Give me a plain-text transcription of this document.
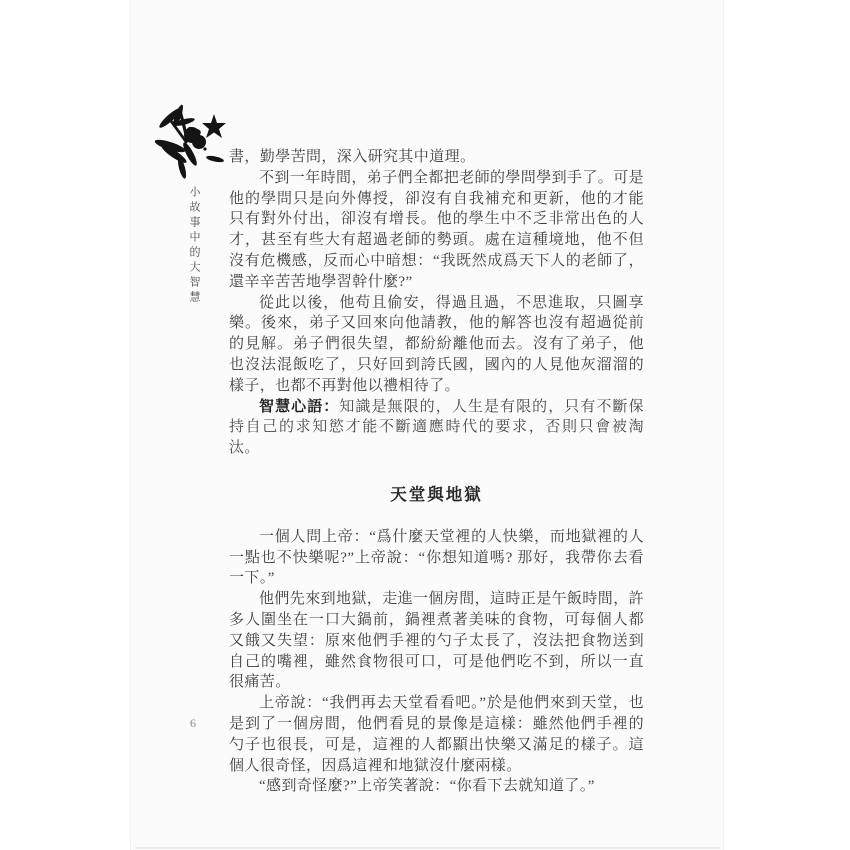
小故事中的大智慧

書，勤學苦問，深入研究其中道理。

不到一年時間，弟子們全都把老師的學問學到手了。可是他的學問只是向外傳授，卻沒有自我補充和更新，他的才能只有對外付出，卻沒有增長。他的學生中不乏非常出色的人才，甚至有些大有超過老師的勢頭。處在這種境地，他不但沒有危機感，反而心中暗想：“我既然成爲天下人的老師了，還辛辛苦苦地學習幹什麼?”

從此以後，他苟且偷安，得過且過，不思進取，只圖享樂。後來，弟子又回來向他請教，他的解答也沒有超過從前的見解。弟子們很失望，都紛紛離他而去。沒有了弟子，他也沒法混飯吃了，只好回到誇氏國，國內的人見他灰溜溜的樣子，也都不再對他以禮相待了。

智慧心語：知識是無限的，人生是有限的，只有不斷保持自己的求知慾才能不斷適應時代的要求，否則只會被淘汰。

天堂與地獄

一個人問上帝：“爲什麼天堂裡的人快樂，而地獄裡的人一點也不快樂呢?”上帝說：“你想知道嗎? 那好，我帶你去看一下。”

他們先來到地獄，走進一個房間，這時正是午飯時間，許多人圍坐在一口大鍋前，鍋裡煮著美味的食物，可每個人都又餓又失望：原來他們手裡的勺子太長了，沒法把食物送到自己的嘴裡，雖然食物很可口，可是他們吃不到，所以一直很痛苦。

上帝說：“我們再去天堂看看吧。”於是他們來到天堂，也是到了一個房間，他們看見的景像是這樣：雖然他們手裡的勺子也很長，可是，這裡的人都顯出快樂又滿足的樣子。這個人很奇怪，因爲這裡和地獄沒什麼兩樣。

“感到奇怪麼?”上帝笑著說：“你看下去就知道了。”

6
